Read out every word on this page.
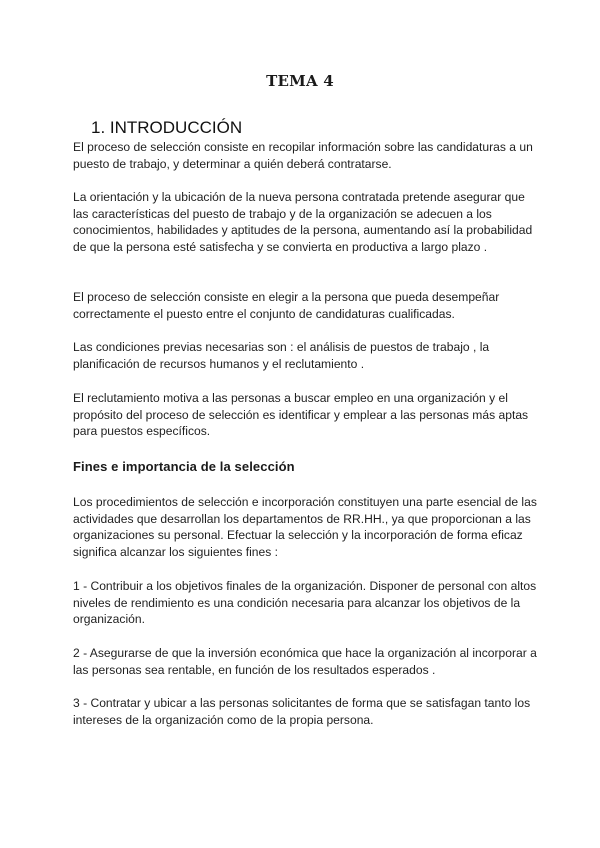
TEMA 4
1. INTRODUCCIÓN

El proceso de selección consiste en recopilar información sobre las candidaturas a un puesto de trabajo, y determinar a quién deberá contratarse.

La orientación y la ubicación de la nueva persona contratada pretende asegurar que las características del puesto de trabajo y de la organización se adecuen a los conocimientos, habilidades y aptitudes de la persona, aumentando así la probabilidad de que la persona esté satisfecha y se convierta en productiva a largo plazo .

El proceso de selección consiste en elegir a la persona que pueda desempeñar correctamente el puesto entre el conjunto de candidaturas cualificadas.

Las condiciones previas necesarias son : el análisis de puestos de trabajo , la planificación de recursos humanos y el reclutamiento .

El reclutamiento motiva a las personas a buscar empleo en una organización y el propósito del proceso de selección es identificar y emplear a las personas más aptas para puestos específicos.

Fines e importancia de la selección

Los procedimientos de selección e incorporación constituyen una parte esencial de las actividades que desarrollan los departamentos de RR.HH., ya que proporcionan a las organizaciones su personal. Efectuar la selección y la incorporación de forma eficaz significa alcanzar los siguientes fines :

1 - Contribuir a los objetivos finales de la organización. Disponer de personal con altos niveles de rendimiento es una condición necesaria para alcanzar los objetivos de la organización.

2 - Asegurarse de que la inversión económica que hace la organización al incorporar a las personas sea rentable, en función de los resultados esperados .

3 - Contratar y ubicar a las personas solicitantes de forma que se satisfagan tanto los intereses de la organización como de la propia persona.
